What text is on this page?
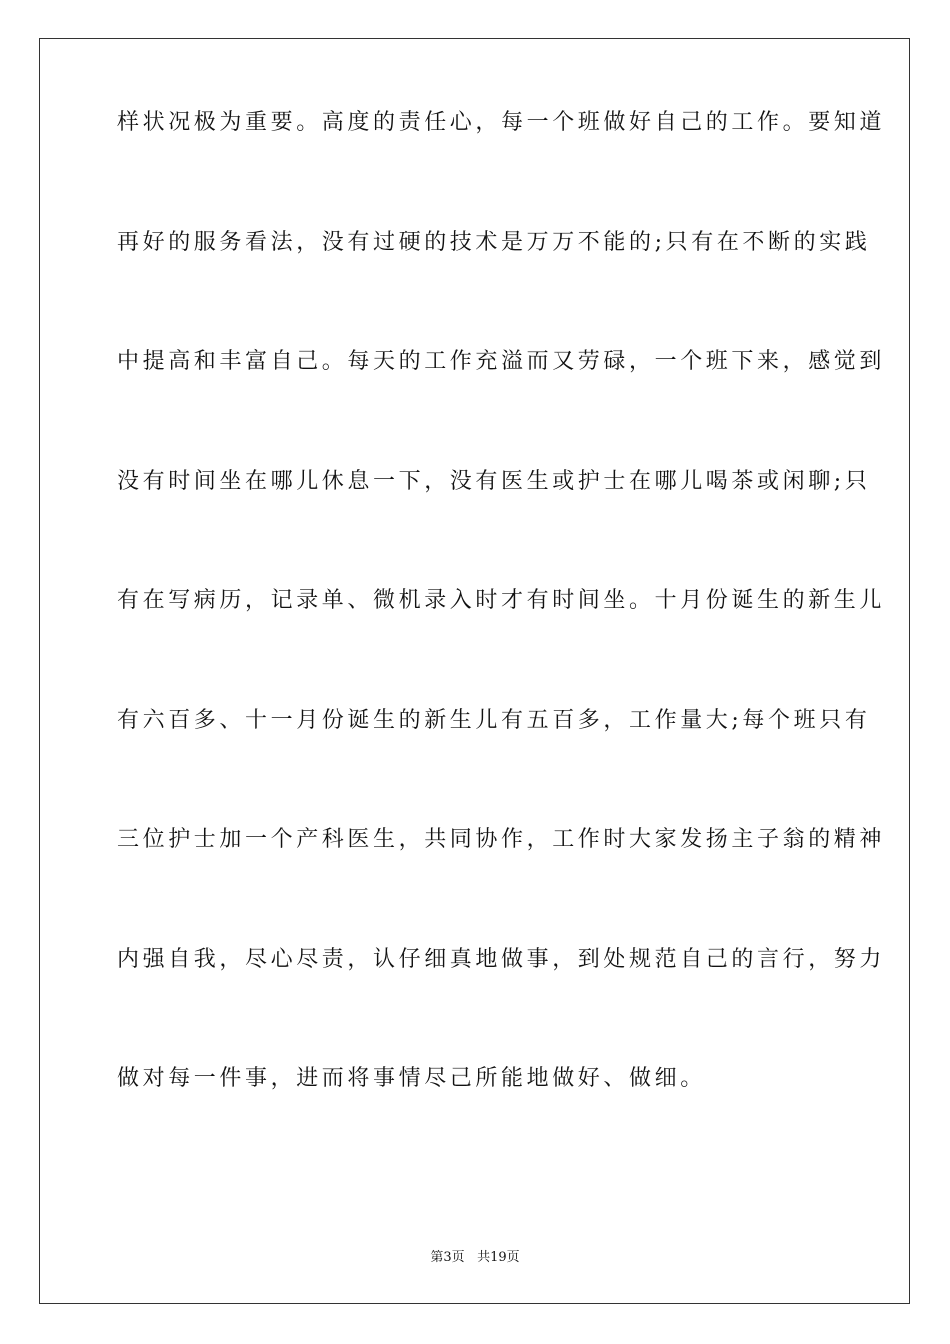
样状况极为重要。高度的责任心，每一个班做好自己的工作。要知道
再好的服务看法，没有过硬的技术是万万不能的;只有在不断的实践
中提高和丰富自己。每天的工作充溢而又劳碌，一个班下来，感觉到
没有时间坐在哪儿休息一下，没有医生或护士在哪儿喝茶或闲聊;只
有在写病历，记录单、微机录入时才有时间坐。十月份诞生的新生儿
有六百多、十一月份诞生的新生儿有五百多，工作量大;每个班只有
三位护士加一个产科医生，共同协作，工作时大家发扬主子翁的精神
内强自我，尽心尽责，认仔细真地做事，到处规范自己的言行，努力
做对每一件事，进而将事情尽己所能地做好、做细。
第3页 共19页
